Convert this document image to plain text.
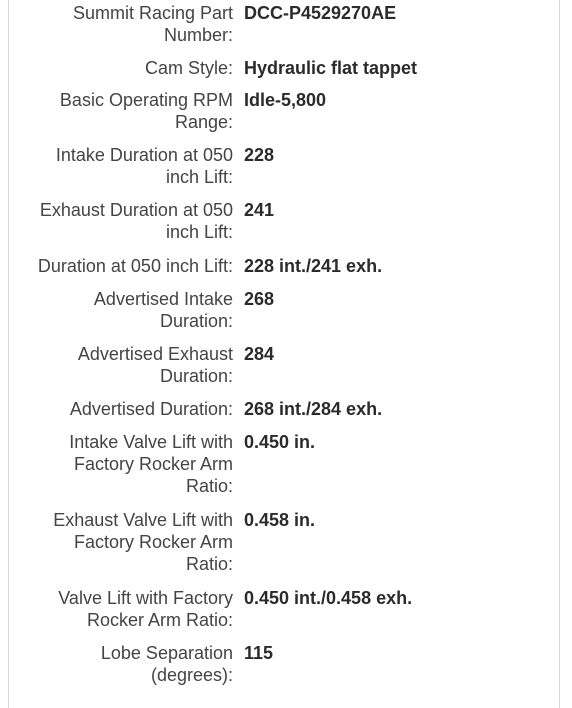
Summit Racing Part
Number:
DCC-P4529270AE
Cam Style: Hydraulic flat tappet
Basic Operating RPM
Range:
Idle-5,800
Intake Duration at 050
inch Lift:
228
Exhaust Duration at 050
inch Lift:
241
Duration at 050 inch Lift: 228 int./241 exh.
Advertised Intake
Duration:
268
Advertised Exhaust
Duration:
284
Advertised Duration: 268 int./284 exh.
Intake Valve Lift with
Factory Rocker Arm
Ratio:
0.450 in.
Exhaust Valve Lift with
Factory Rocker Arm
Ratio:
0.458 in.
Valve Lift with Factory
Rocker Arm Ratio:
0.450 int./0.458 exh.
Lobe Separation
(degrees):
115
